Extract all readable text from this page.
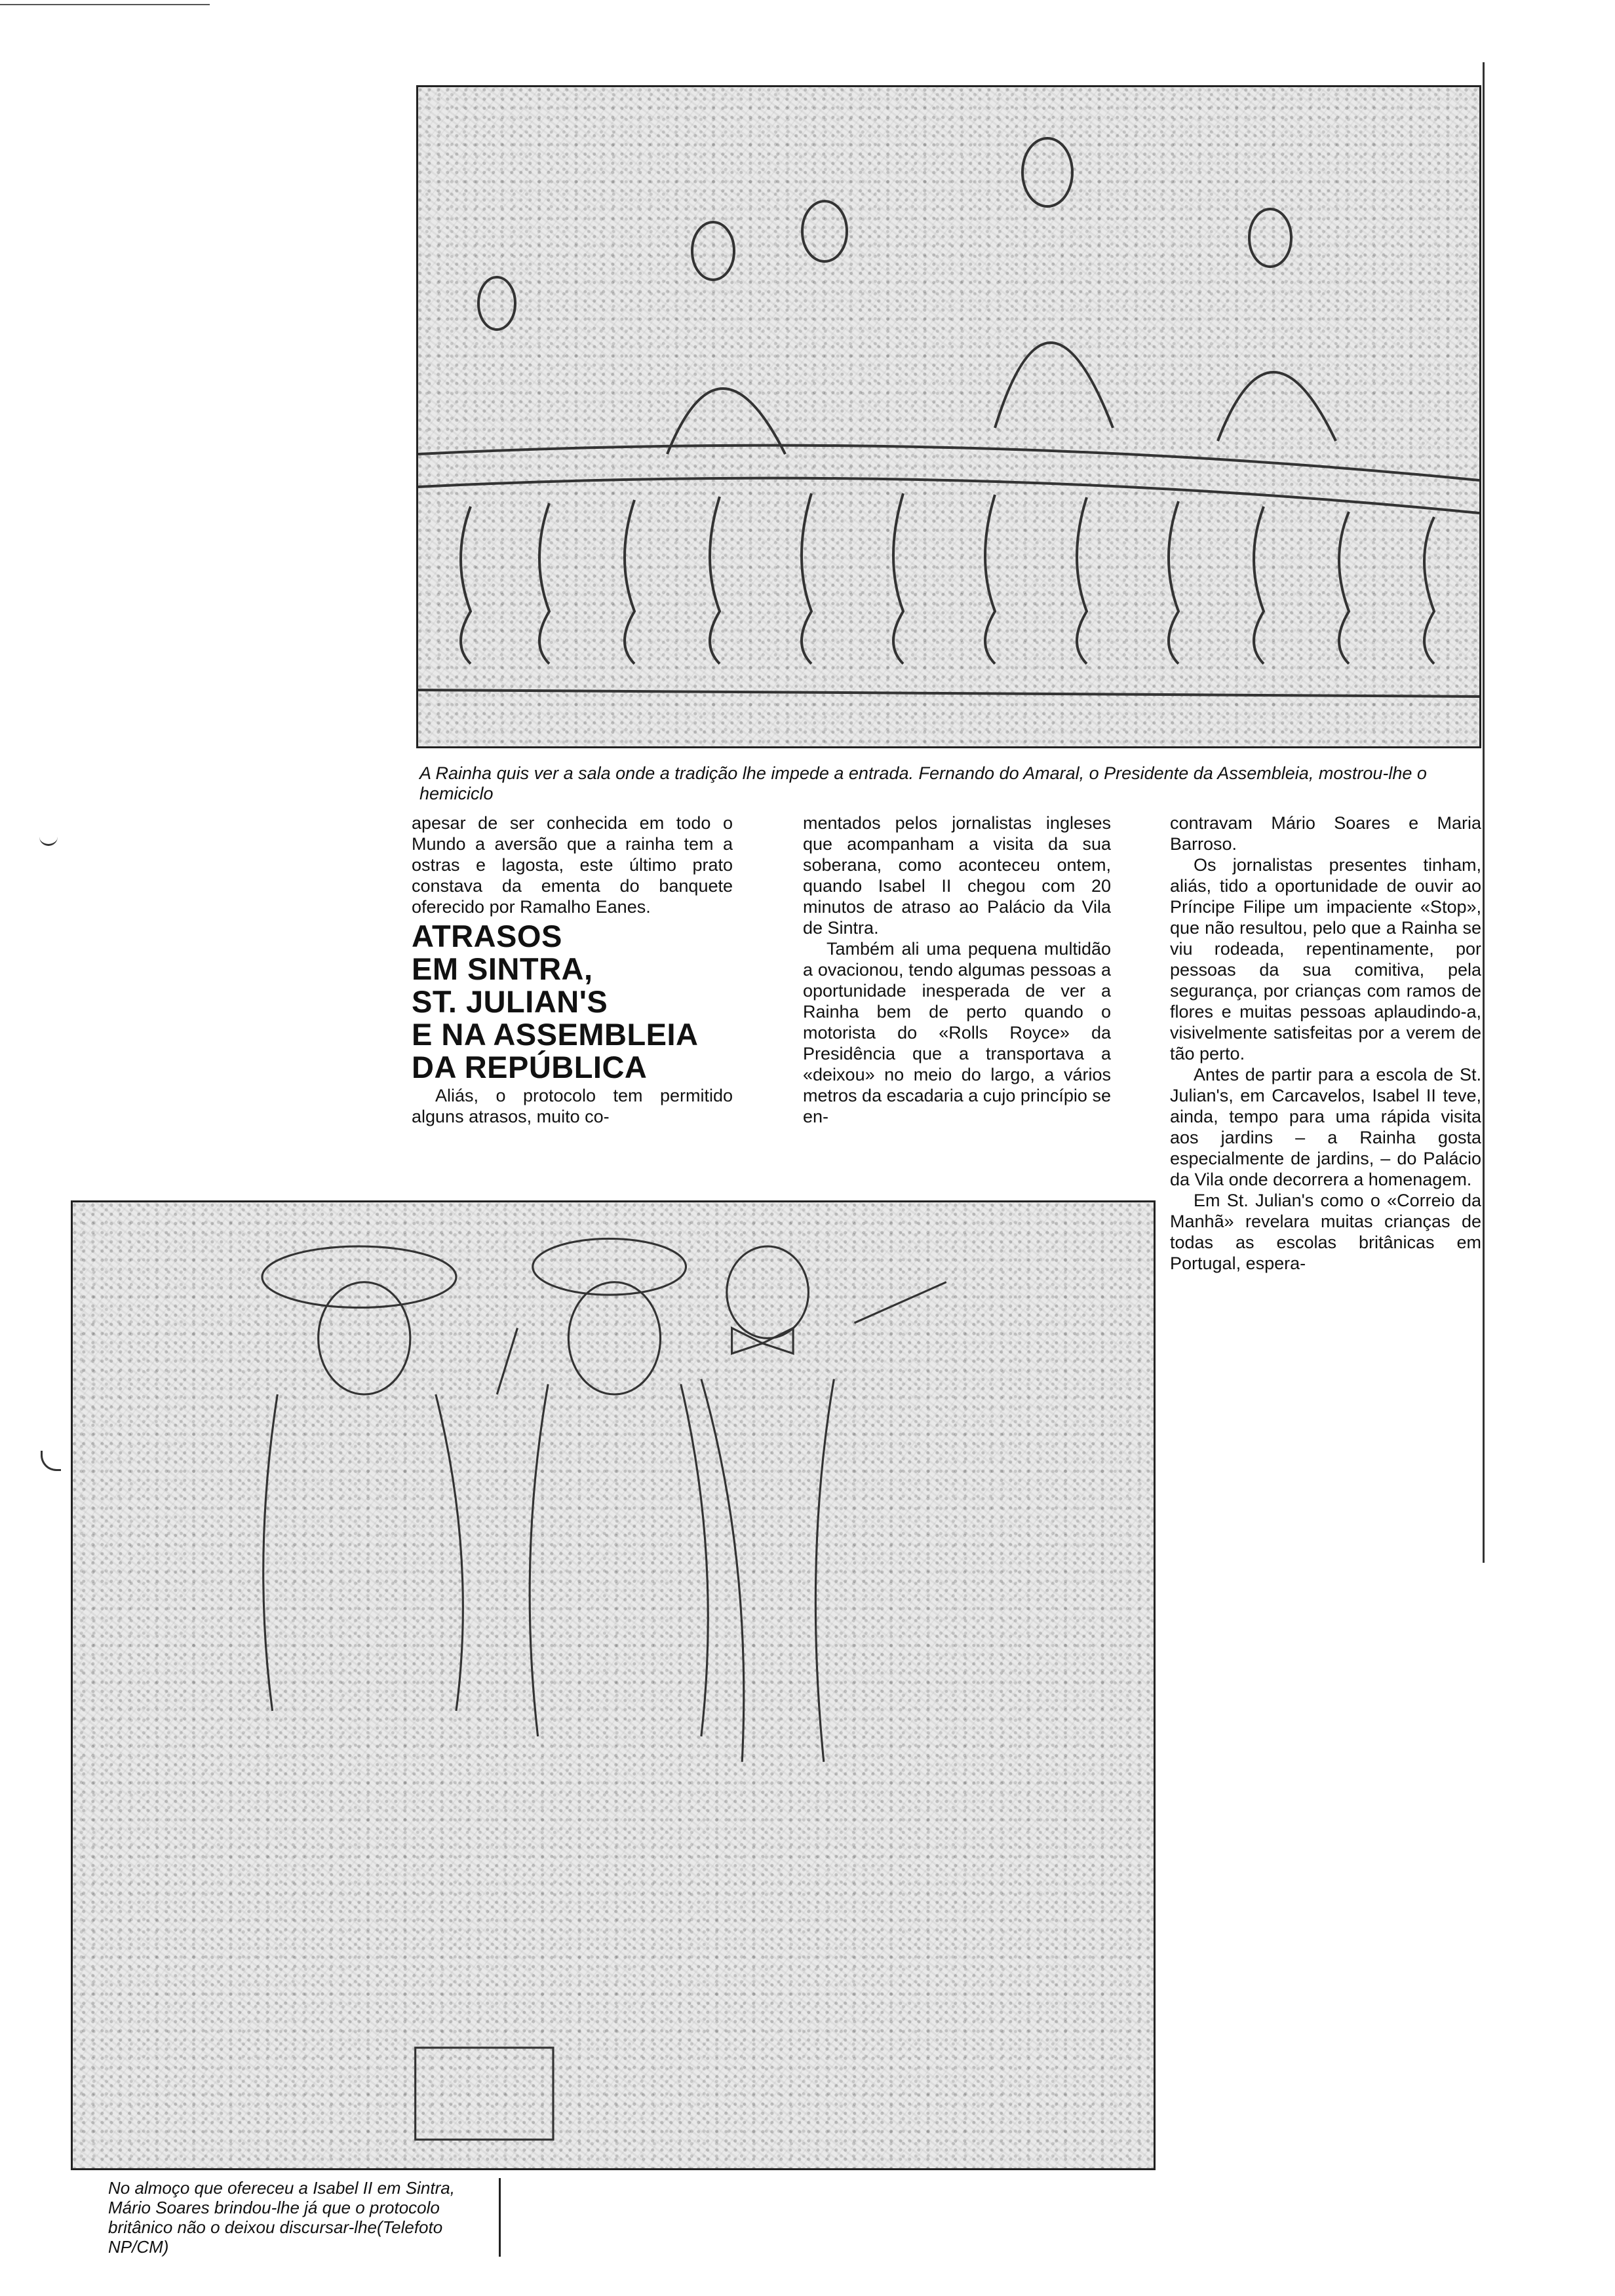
A Rainha quis ver a sala onde a tradição lhe impede a entrada. Fernando do Amaral, o Presidente da Assembleia, mostrou-lhe o hemiciclo

apesar de ser conhecida em todo o Mundo a aversão que a rainha tem a ostras e lagosta, este último prato constava da ementa do banquete oferecido por Ramalho Eanes.

ATRASOS
EM SINTRA,
ST. JULIAN'S
E NA ASSEMBLEIA
DA REPÚBLICA

Aliás, o protocolo tem permitido alguns atrasos, muito co-

mentados pelos jornalistas ingleses que acompanham a visita da sua soberana, como aconteceu ontem, quando Isabel II chegou com 20 minutos de atraso ao Palácio da Vila de Sintra.

Também ali uma pequena multidão a ovacionou, tendo algumas pessoas a oportunidade inesperada de ver a Rainha bem de perto quando o motorista do «Rolls Royce» da Presidência que a transportava a «deixou» no meio do largo, a vários metros da escadaria a cujo princípio se en-

contravam Mário Soares e Maria Barroso.

Os jornalistas presentes tinham, aliás, tido a oportunidade de ouvir ao Príncipe Filipe um impaciente «Stop», que não resultou, pelo que a Rainha se viu rodeada, repentinamente, por pessoas da sua comitiva, pela segurança, por crianças com ramos de flores e muitas pessoas aplaudindo-a, visivelmente satisfeitas por a verem de tão perto.

Antes de partir para a escola de St. Julian's, em Carcavelos, Isabel II teve, ainda, tempo para uma rápida visita aos jardins – a Rainha gosta especialmente de jardins, – do Palácio da Vila onde decorrera a homenagem.

Em St. Julian's como o «Correio da Manhã» revelara muitas crianças de todas as escolas britânicas em Portugal, espera-

No almoço que ofereceu a Isabel II em Sintra, Mário Soares brindou-lhe já que o protocolo britânico não o deixou discursar-lhe(Telefoto NP/CM)
